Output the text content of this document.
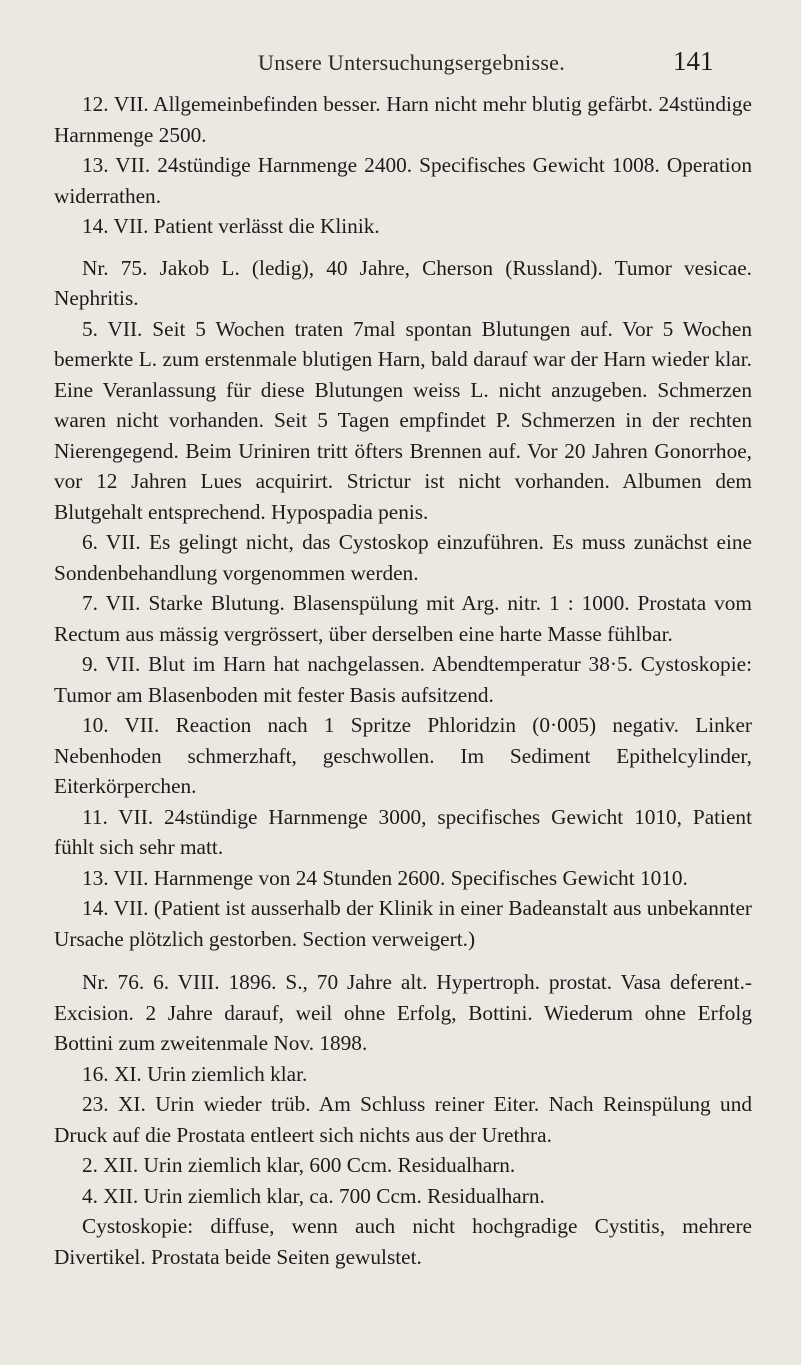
Unsere Untersuchungsergebnisse.	141

12. VII. Allgemeinbefinden besser. Harn nicht mehr blutig gefärbt. 24stündige Harnmenge 2500.

13. VII. 24stündige Harnmenge 2400. Specifisches Gewicht 1008. Operation widerrathen.

14. VII. Patient verlässt die Klinik.

Nr. 75. Jakob L. (ledig), 40 Jahre, Cherson (Russland). Tumor vesicae. Nephritis.

5. VII. Seit 5 Wochen traten 7mal spontan Blutungen auf. Vor 5 Wochen bemerkte L. zum erstenmale blutigen Harn, bald darauf war der Harn wieder klar. Eine Veranlassung für diese Blutungen weiss L. nicht anzugeben. Schmerzen waren nicht vorhanden. Seit 5 Tagen empfindet P. Schmerzen in der rechten Nierengegend. Beim Uriniren tritt öfters Brennen auf. Vor 20 Jahren Gonorrhoe, vor 12 Jahren Lues acquirirt. Strictur ist nicht vorhanden. Albumen dem Blutgehalt entsprechend. Hypospadia penis.

6. VII. Es gelingt nicht, das Cystoskop einzuführen. Es muss zunächst eine Sondenbehandlung vorgenommen werden.

7. VII. Starke Blutung. Blasenspülung mit Arg. nitr. 1 : 1000. Prostata vom Rectum aus mässig vergrössert, über derselben eine harte Masse fühlbar.

9. VII. Blut im Harn hat nachgelassen. Abendtemperatur 38·5. Cystoskopie: Tumor am Blasenboden mit fester Basis aufsitzend.

10. VII. Reaction nach 1 Spritze Phloridzin (0·005) negativ. Linker Nebenhoden schmerzhaft, geschwollen. Im Sediment Epithelcylinder, Eiterkörperchen.

11. VII. 24stündige Harnmenge 3000, specifisches Gewicht 1010, Patient fühlt sich sehr matt.

13. VII. Harnmenge von 24 Stunden 2600. Specifisches Gewicht 1010.

14. VII. (Patient ist ausserhalb der Klinik in einer Badeanstalt aus unbekannter Ursache plötzlich gestorben. Section verweigert.)

Nr. 76. 6. VIII. 1896. S., 70 Jahre alt. Hypertroph. prostat. Vasa deferent.-Excision. 2 Jahre darauf, weil ohne Erfolg, Bottini. Wiederum ohne Erfolg Bottini zum zweitenmale Nov. 1898.

16. XI. Urin ziemlich klar.

23. XI. Urin wieder trüb. Am Schluss reiner Eiter. Nach Reinspülung und Druck auf die Prostata entleert sich nichts aus der Urethra.

2. XII. Urin ziemlich klar, 600 Ccm. Residualharn.

4. XII. Urin ziemlich klar, ca. 700 Ccm. Residualharn.

Cystoskopie: diffuse, wenn auch nicht hochgradige Cystitis, mehrere Divertikel. Prostata beide Seiten gewulstet.
